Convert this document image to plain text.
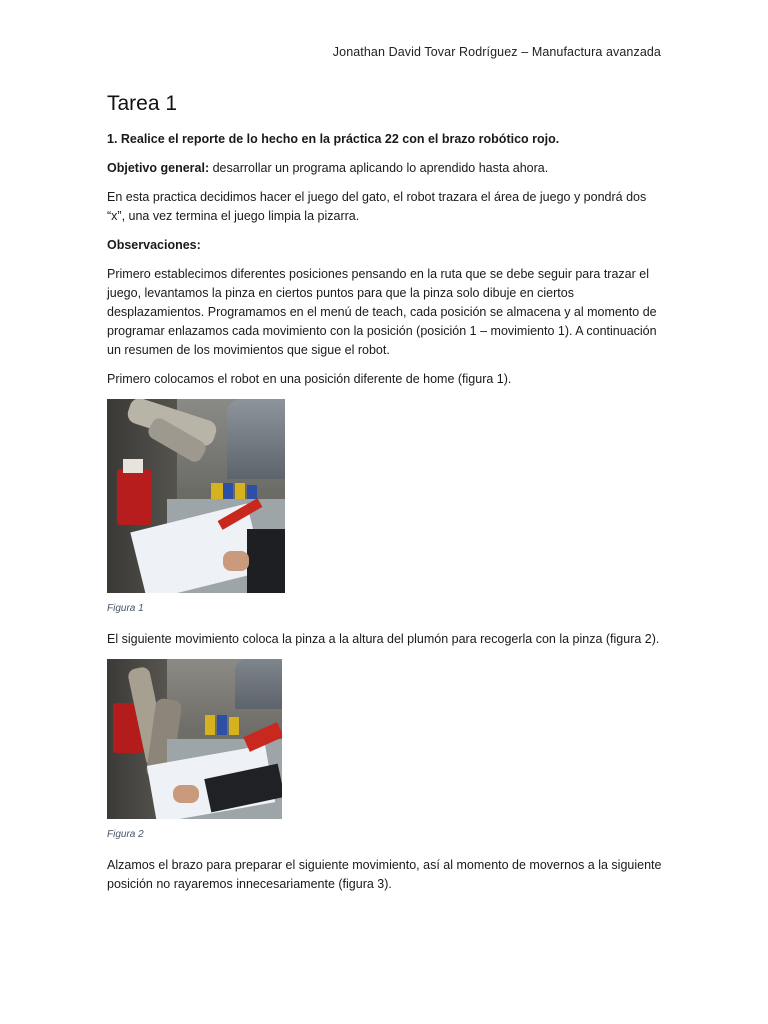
Jonathan David Tovar Rodríguez – Manufactura avanzada
Tarea 1

1. Realice el reporte de lo hecho en la práctica 22 con el brazo robótico rojo.

Objetivo general: desarrollar un programa aplicando lo aprendido hasta ahora.

En esta practica decidimos hacer el juego del gato, el robot trazara el área de juego y pondrá dos “x”, una vez termina el juego limpia la pizarra.

Observaciones:

Primero establecimos diferentes posiciones pensando en la ruta que se debe seguir para trazar el juego, levantamos la pinza en ciertos puntos para que la pinza solo dibuje en ciertos desplazamientos. Programamos en el menú de teach, cada posición se almacena y al momento de programar enlazamos cada movimiento con la posición (posición 1 – movimiento 1). A continuación un resumen de los movimientos que sigue el robot.

Primero colocamos el robot en una posición diferente de home (figura 1).

Figura 1

El siguiente movimiento coloca la pinza a la altura del plumón para recogerla con la pinza (figura 2).

Figura 2

Alzamos el brazo para preparar el siguiente movimiento, así al momento de movernos a la siguiente posición no rayaremos innecesariamente (figura 3).
